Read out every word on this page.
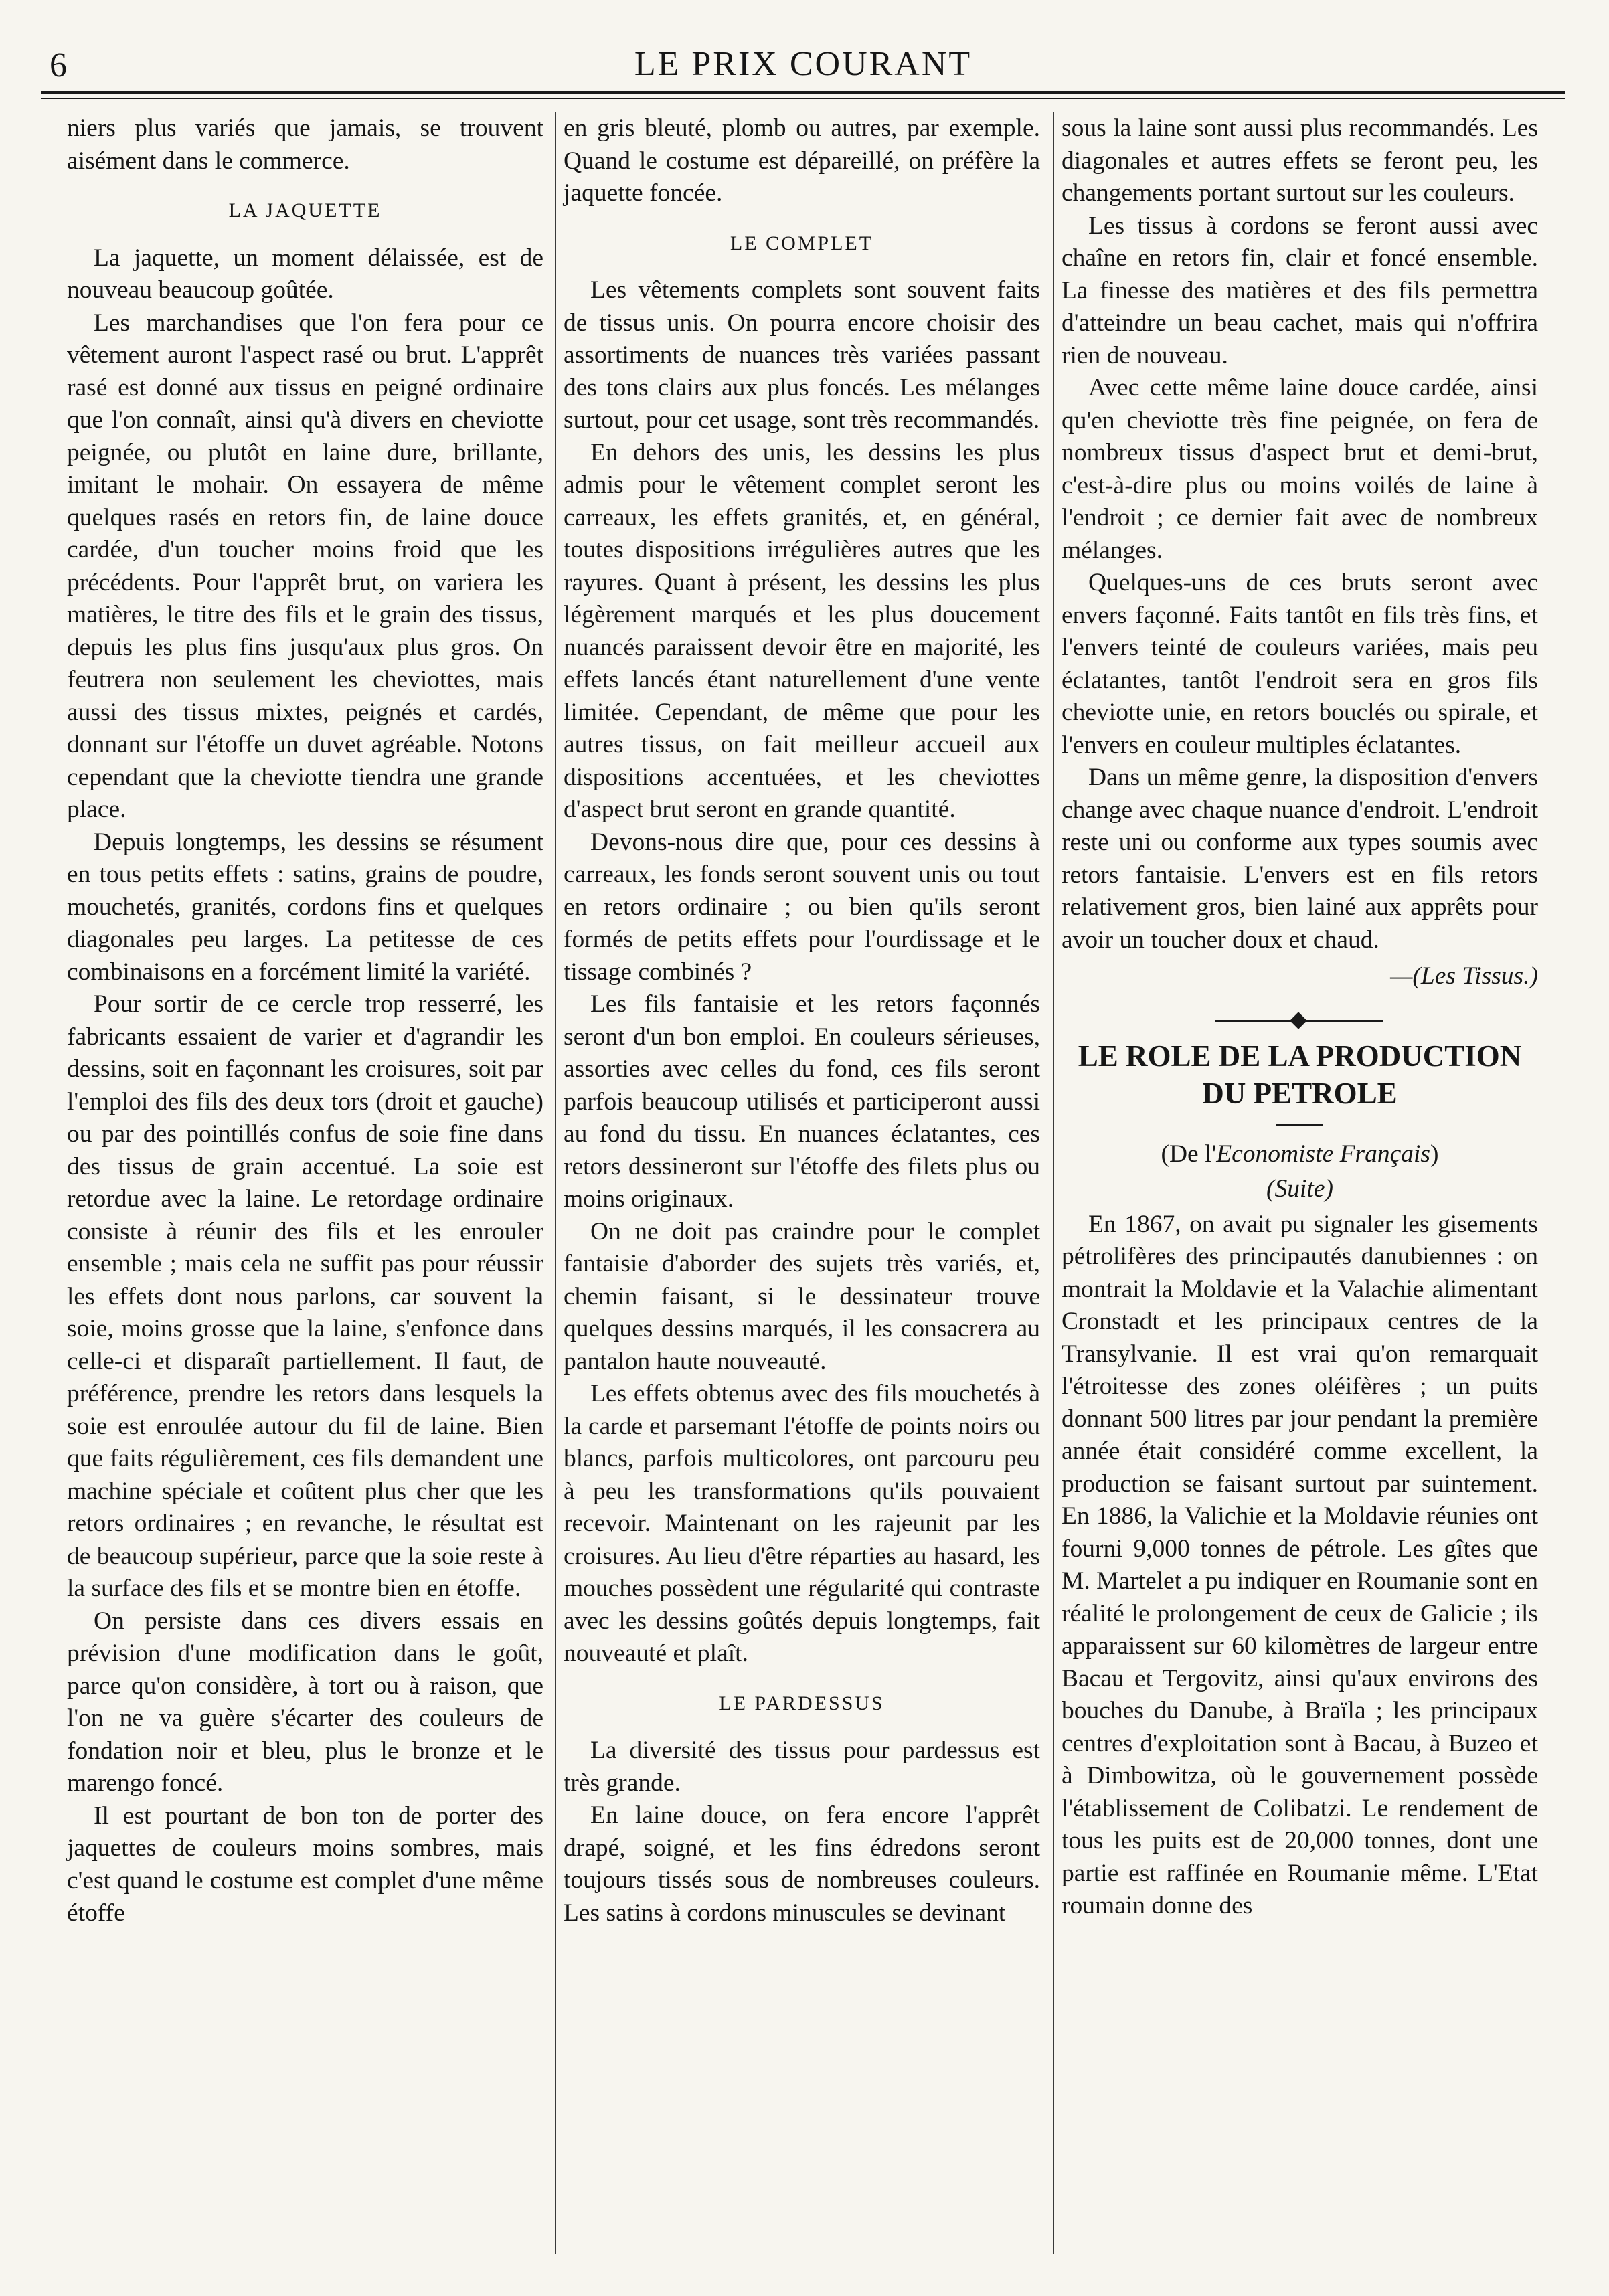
6	LE PRIX COURANT

niers plus variés que jamais, se trouvent aisément dans le commerce.

LA JAQUETTE

La jaquette, un moment délaissée, est de nouveau beaucoup goûtée.

Les marchandises que l'on fera pour ce vêtement auront l'aspect rasé ou brut. L'apprêt rasé est donné aux tissus en peigné ordinaire que l'on connaît, ainsi qu'à divers en cheviotte peignée, ou plutôt en laine dure, brillante, imitant le mohair. On essayera de même quelques rasés en retors fin, de laine douce cardée, d'un toucher moins froid que les précédents. Pour l'apprêt brut, on variera les matières, le titre des fils et le grain des tissus, depuis les plus fins jusqu'aux plus gros. On feutrera non seulement les cheviottes, mais aussi des tissus mixtes, peignés et cardés, donnant sur l'étoffe un duvet agréable. Notons cependant que la cheviotte tiendra une grande place.

Depuis longtemps, les dessins se résument en tous petits effets : satins, grains de poudre, mouchetés, granités, cordons fins et quelques diagonales peu larges. La petitesse de ces combinaisons en a forcément limité la variété.

Pour sortir de ce cercle trop resserré, les fabricants essaient de varier et d'agrandir les dessins, soit en façonnant les croisures, soit par l'emploi des fils des deux tors (droit et gauche) ou par des pointillés confus de soie fine dans des tissus de grain accentué. La soie est retordue avec la laine. Le retordage ordinaire consiste à réunir des fils et les enrouler ensemble ; mais cela ne suffit pas pour réussir les effets dont nous parlons, car souvent la soie, moins grosse que la laine, s'enfonce dans celle-ci et disparaît partiellement. Il faut, de préférence, prendre les retors dans lesquels la soie est enroulée autour du fil de laine. Bien que faits régulièrement, ces fils demandent une machine spéciale et coûtent plus cher que les retors ordinaires ; en revanche, le résultat est de beaucoup supérieur, parce que la soie reste à la surface des fils et se montre bien en étoffe.

On persiste dans ces divers essais en prévision d'une modification dans le goût, parce qu'on considère, à tort ou à raison, que l'on ne va guère s'écarter des couleurs de fondation noir et bleu, plus le bronze et le marengo foncé.

Il est pourtant de bon ton de porter des jaquettes de couleurs moins sombres, mais c'est quand le costume est complet d'une même étoffe

en gris bleuté, plomb ou autres, par exemple. Quand le costume est dépareillé, on préfère la jaquette foncée.

LE COMPLET

Les vêtements complets sont souvent faits de tissus unis. On pourra encore choisir des assortiments de nuances très variées passant des tons clairs aux plus foncés. Les mélanges surtout, pour cet usage, sont très recommandés.

En dehors des unis, les dessins les plus admis pour le vêtement complet seront les carreaux, les effets granités, et, en général, toutes dispositions irrégulières autres que les rayures. Quant à présent, les dessins les plus légèrement marqués et les plus doucement nuancés paraissent devoir être en majorité, les effets lancés étant naturellement d'une vente limitée. Cependant, de même que pour les autres tissus, on fait meilleur accueil aux dispositions accentuées, et les cheviottes d'aspect brut seront en grande quantité.

Devons-nous dire que, pour ces dessins à carreaux, les fonds seront souvent unis ou tout en retors ordinaire ; ou bien qu'ils seront formés de petits effets pour l'ourdissage et le tissage combinés ?

Les fils fantaisie et les retors façonnés seront d'un bon emploi. En couleurs sérieuses, assorties avec celles du fond, ces fils seront parfois beaucoup utilisés et participeront aussi au fond du tissu. En nuances éclatantes, ces retors dessineront sur l'étoffe des filets plus ou moins originaux.

On ne doit pas craindre pour le complet fantaisie d'aborder des sujets très variés, et, chemin faisant, si le dessinateur trouve quelques dessins marqués, il les consacrera au pantalon haute nouveauté.

Les effets obtenus avec des fils mouchetés à la carde et parsemant l'étoffe de points noirs ou blancs, parfois multicolores, ont parcouru peu à peu les transformations qu'ils pouvaient recevoir. Maintenant on les rajeunit par les croisures. Au lieu d'être réparties au hasard, les mouches possèdent une régularité qui contraste avec les dessins goûtés depuis longtemps, fait nouveauté et plaît.

LE PARDESSUS

La diversité des tissus pour pardessus est très grande.

En laine douce, on fera encore l'apprêt drapé, soigné, et les fins édredons seront toujours tissés sous de nombreuses couleurs. Les satins à cordons minuscules se devinant

sous la laine sont aussi plus recommandés. Les diagonales et autres effets se feront peu, les changements portant surtout sur les couleurs.

Les tissus à cordons se feront aussi avec chaîne en retors fin, clair et foncé ensemble. La finesse des matières et des fils permettra d'atteindre un beau cachet, mais qui n'offrira rien de nouveau.

Avec cette même laine douce cardée, ainsi qu'en cheviotte très fine peignée, on fera de nombreux tissus d'aspect brut et demi-brut, c'est-à-dire plus ou moins voilés de laine à l'endroit ; ce dernier fait avec de nombreux mélanges.

Quelques-uns de ces bruts seront avec envers façonné. Faits tantôt en fils très fins, et l'envers teinté de couleurs variées, mais peu éclatantes, tantôt l'endroit sera en gros fils cheviotte unie, en retors bouclés ou spirale, et l'envers en couleur multiples éclatantes.

Dans un même genre, la disposition d'envers change avec chaque nuance d'endroit. L'endroit reste uni ou conforme aux types soumis avec retors fantaisie. L'envers est en fils retors relativement gros, bien lainé aux apprêts pour avoir un toucher doux et chaud.

—(Les Tissus.)
LE ROLE DE LA PRODUCTION DU PETROLE

(De l'Economiste Français)

(Suite)

En 1867, on avait pu signaler les gisements pétrolifères des principautés danubiennes : on montrait la Moldavie et la Valachie alimentant Cronstadt et les principaux centres de la Transylvanie. Il est vrai qu'on remarquait l'étroitesse des zones oléifères ; un puits donnant 500 litres par jour pendant la première année était considéré comme excellent, la production se faisant surtout par suintement. En 1886, la Valichie et la Moldavie réunies ont fourni 9,000 tonnes de pétrole. Les gîtes que M. Martelet a pu indiquer en Roumanie sont en réalité le prolongement de ceux de Galicie ; ils apparaissent sur 60 kilomètres de largeur entre Bacau et Tergovitz, ainsi qu'aux environs des bouches du Danube, à Braïla ; les principaux centres d'exploitation sont à Bacau, à Buzeo et à Dimbowitza, où le gouvernement possède l'établissement de Colibatzi. Le rendement de tous les puits est de 20,000 tonnes, dont une partie est raffinée en Roumanie même. L'Etat roumain donne des
